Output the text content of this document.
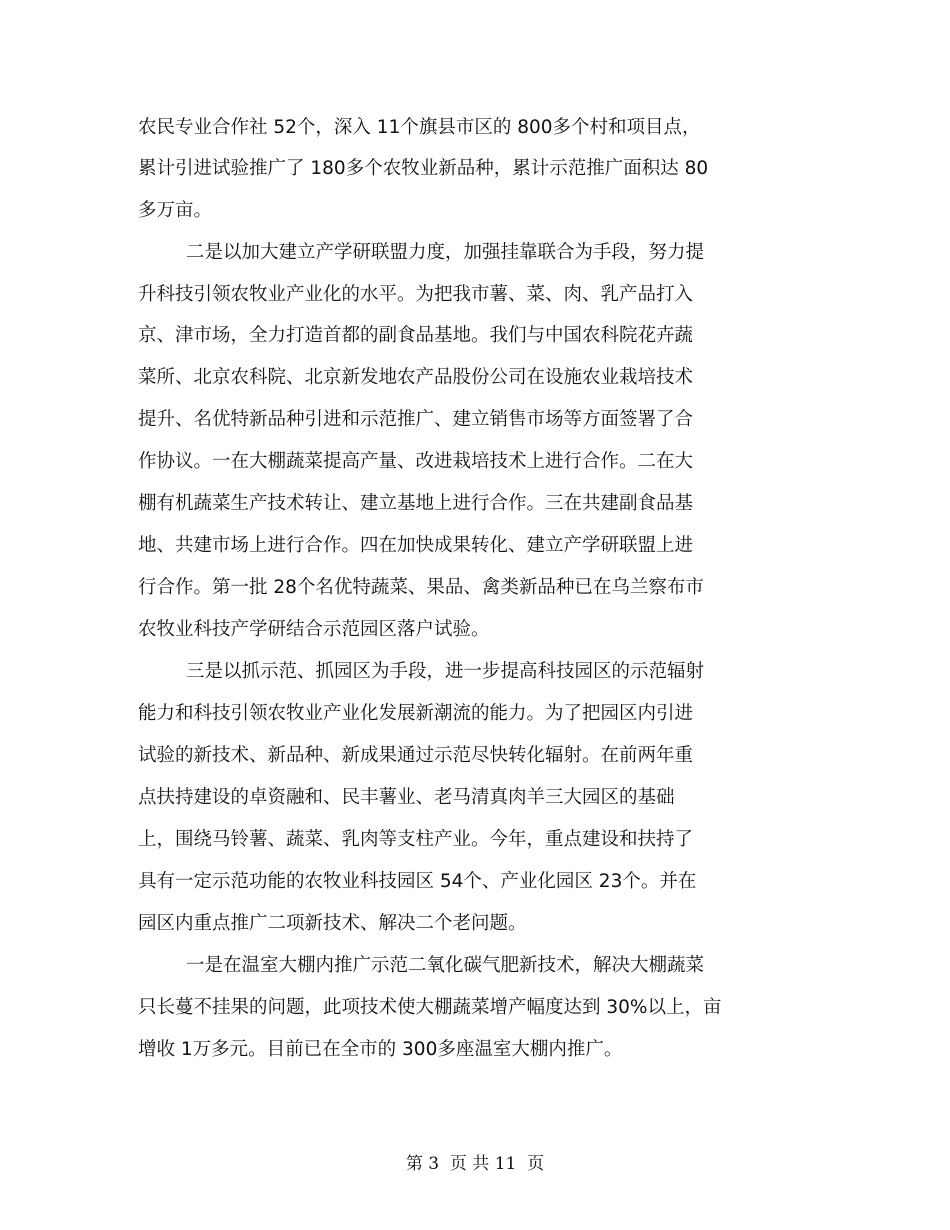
农民专业合作社 52个，深入 11个旗县市区的 800多个村和项目点，
累计引进试验推广了 180多个农牧业新品种，累计示范推广面积达 80
多万亩。
二是以加大建立产学研联盟力度，加强挂靠联合为手段，努力提
升科技引领农牧业产业化的水平。为把我市薯、菜、肉、乳产品打入
京、津市场，全力打造首都的副食品基地。我们与中国农科院花卉蔬
菜所、北京农科院、北京新发地农产品股份公司在设施农业栽培技术
提升、名优特新品种引进和示范推广、建立销售市场等方面签署了合
作协议。一在大棚蔬菜提高产量、改进栽培技术上进行合作。二在大
棚有机蔬菜生产技术转让、建立基地上进行合作。三在共建副食品基
地、共建市场上进行合作。四在加快成果转化、建立产学研联盟上进
行合作。第一批 28个名优特蔬菜、果品、禽类新品种已在乌兰察布市
农牧业科技产学研结合示范园区落户试验。
三是以抓示范、抓园区为手段，进一步提高科技园区的示范辐射
能力和科技引领农牧业产业化发展新潮流的能力。为了把园区内引进
试验的新技术、新品种、新成果通过示范尽快转化辐射。在前两年重
点扶持建设的卓资融和、民丰薯业、老马清真肉羊三大园区的基础
上，围绕马铃薯、蔬菜、乳肉等支柱产业。今年，重点建设和扶持了
具有一定示范功能的农牧业科技园区 54个、产业化园区 23个。并在
园区内重点推广二项新技术、解决二个老问题。
一是在温室大棚内推广示范二氧化碳气肥新技术，解决大棚蔬菜
只长蔓不挂果的问题，此项技术使大棚蔬菜增产幅度达到 30%以上，亩
增收 1万多元。目前已在全市的 300多座温室大棚内推广。
第 3  页 共 11  页
